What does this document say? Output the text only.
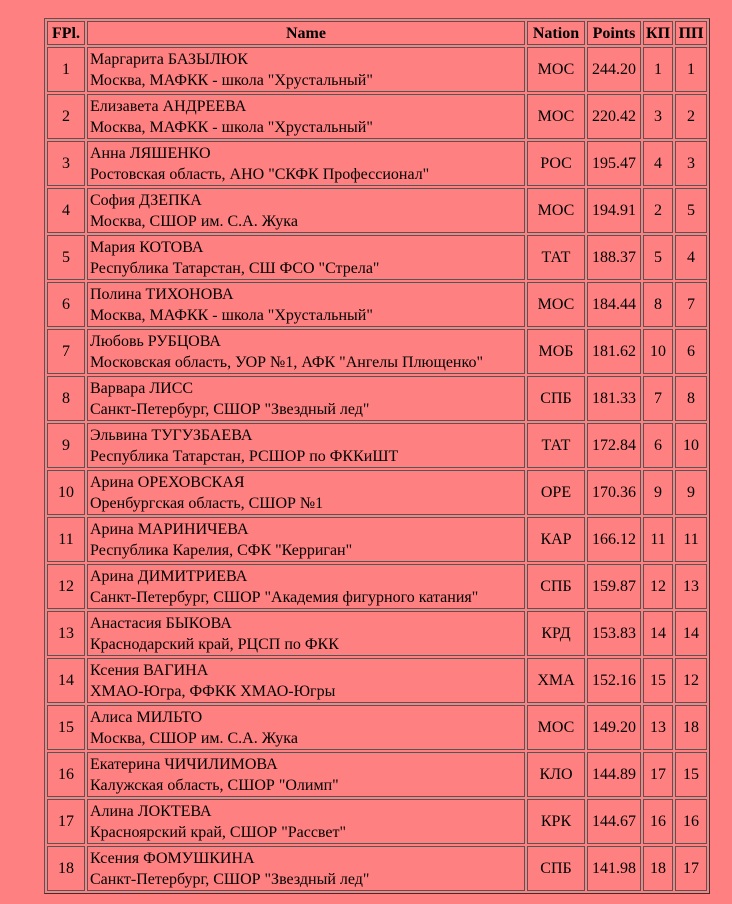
FPl.	Name	Nation	Points	КП	ПП
1	Маргарита БАЗЫЛЮК
Москва, МАФКК - школа "Хрустальный"	МОС	244.20	1	1
2	Елизавета АНДРЕЕВА
Москва, МАФКК - школа "Хрустальный"	МОС	220.42	3	2
3	Анна ЛЯШЕНКО
Ростовская область, АНО "СКФК Профессионал"	РОС	195.47	4	3
4	София ДЗЕПКА
Москва, СШОР им. С.А. Жука	МОС	194.91	2	5
5	Мария КОТОВА
Республика Татарстан, СШ ФСО "Стрела"	ТАТ	188.37	5	4
6	Полина ТИХОНОВА
Москва, МАФКК - школа "Хрустальный"	МОС	184.44	8	7
7	Любовь РУБЦОВА
Московская область, УОР №1, АФК "Ангелы Плющенко"	МОБ	181.62	10	6
8	Варвара ЛИСС
Санкт-Петербург, СШОР "Звездный лед"	СПБ	181.33	7	8
9	Эльвина ТУГУЗБАЕВА
Республика Татарстан, РСШОР по ФККиШТ	ТАТ	172.84	6	10
10	Арина ОРЕХОВСКАЯ
Оренбургская область, СШОР №1	ОРЕ	170.36	9	9
11	Арина МАРИНИЧЕВА
Республика Карелия, СФК "Керриган"	КАР	166.12	11	11
12	Арина ДИМИТРИЕВА
Санкт-Петербург, СШОР "Академия фигурного катания"	СПБ	159.87	12	13
13	Анастасия БЫКОВА
Краснодарский край, РЦСП по ФКК	КРД	153.83	14	14
14	Ксения ВАГИНА
ХМАО-Югра, ФФКК ХМАО-Югры	ХМА	152.16	15	12
15	Алиса МИЛЬТО
Москва, СШОР им. С.А. Жука	МОС	149.20	13	18
16	Екатерина ЧИЧИЛИМОВА
Калужская область, СШОР "Олимп"	КЛО	144.89	17	15
17	Алина ЛОКТЕВА
Красноярский край, СШОР "Рассвет"	КРК	144.67	16	16
18	Ксения ФОМУШКИНА
Санкт-Петербург, СШОР "Звездный лед"	СПБ	141.98	18	17
